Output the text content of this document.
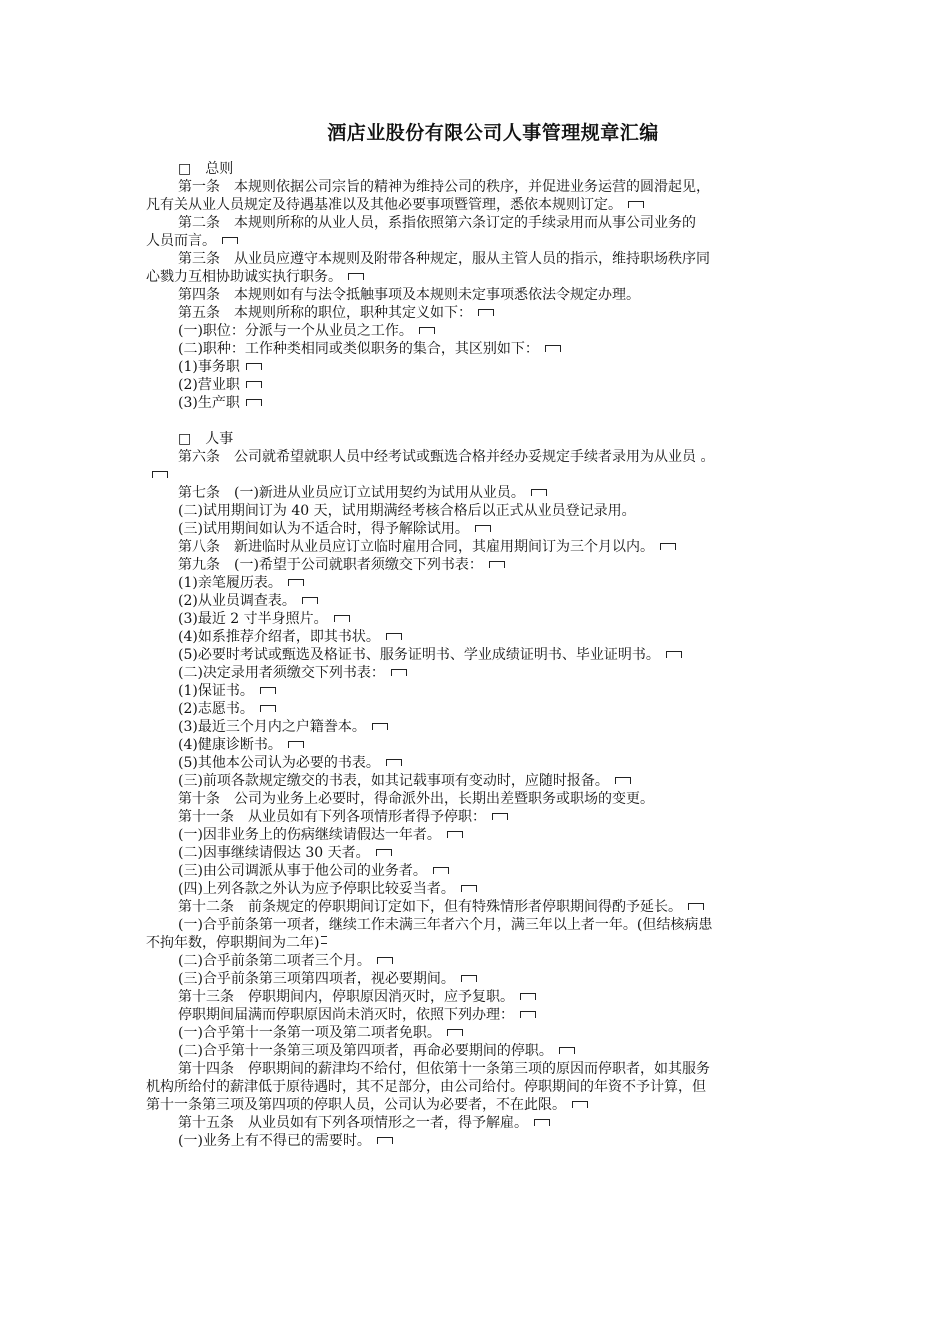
酒店业股份有限公司人事管理规章汇编
□　总则
第一条　本规则依据公司宗旨的精神为维持公司的秩序，并促进业务运营的圆滑起见，
凡有关从业人员规定及待遇基准以及其他必要事项暨管理，悉依本规则订定。
第二条　本规则所称的从业人员，系指依照第六条订定的手续录用而从事公司业务的
人员而言。
第三条　从业员应遵守本规则及附带各种规定，服从主管人员的指示，维持职场秩序同
心戮力互相协助诚实执行职务。
第四条　本规则如有与法令抵触事项及本规则未定事项悉依法令规定办理。
第五条　本规则所称的职位，职种其定义如下：
(一)职位：分派与一个从业员之工作。
(二)职种：工作种类相同或类似职务的集合，其区别如下：
(1)事务职
(2)营业职
(3)生产职
□　人事
第六条　公司就希望就职人员中经考试或甄选合格并经办妥规定手续者录用为从业员 。
第七条　(一)新进从业员应订立试用契约为试用从业员。
(二)试用期间订为 40 天，试用期满经考核合格后以正式从业员登记录用。
(三)试用期间如认为不适合时，得予解除试用。
第八条　新进临时从业员应订立临时雇用合同，其雇用期间订为三个月以内。
第九条　(一)希望于公司就职者须缴交下列书表：
(1)亲笔履历表。
(2)从业员调查表。
(3)最近 2 寸半身照片。
(4)如系推荐介绍者，即其书状。
(5)必要时考试或甄选及格证书、服务证明书、学业成绩证明书、毕业证明书。
(二)决定录用者须缴交下列书表：
(1)保证书。
(2)志愿书。
(3)最近三个月内之户籍誊本。
(4)健康诊断书。
(5)其他本公司认为必要的书表。
(三)前项各款规定缴交的书表，如其记载事项有变动时，应随时报备。
第十条　公司为业务上必要时，得命派外出，长期出差暨职务或职场的变更。
第十一条　从业员如有下列各项情形者得予停职：
(一)因非业务上的伤病继续请假达一年者。
(二)因事继续请假达 30 天者。
(三)由公司调派从事于他公司的业务者。
(四)上列各款之外认为应予停职比较妥当者。
第十二条　前条规定的停职期间订定如下，但有特殊情形者停职期间得酌予延长。
(一)合乎前条第一项者，继续工作未满三年者六个月，满三年以上者一年。(但结核病患
不拘年数，停职期间为二年)
(二)合乎前条第二项者三个月。
(三)合乎前条第三项第四项者，视必要期间。
第十三条　停职期间内，停职原因消灭时，应予复职。
停职期间届满而停职原因尚未消灭时，依照下列办理：
(一)合乎第十一条第一项及第二项者免职。
(二)合乎第十一条第三项及第四项者，再命必要期间的停职。
第十四条　停职期间的薪津均不给付，但依第十一条第三项的原因而停职者，如其服务
机构所给付的薪津低于原待遇时，其不足部分，由公司给付。停职期间的年资不予计算，但
第十一条第三项及第四项的停职人员，公司认为必要者，不在此限。
第十五条　从业员如有下列各项情形之一者，得予解雇。
(一)业务上有不得已的需要时。
